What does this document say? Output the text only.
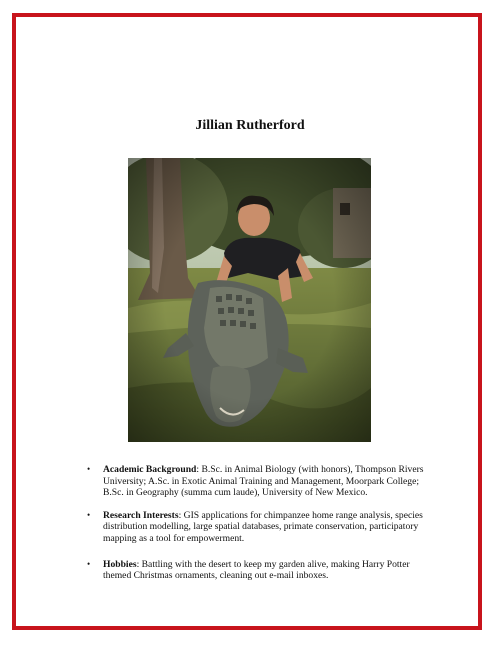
Jillian Rutherford
• Academic Background: B.Sc. in Animal Biology (with honors), Thompson Rivers University; A.Sc. in Exotic Animal Training and Management, Moorpark College; B.Sc. in Geography (summa cum laude), University of New Mexico.
• Research Interests: GIS applications for chimpanzee home range analysis, species distribution modelling, large spatial databases, primate conservation, participatory mapping as a tool for empowerment.
• Hobbies: Battling with the desert to keep my garden alive, making Harry Potter themed Christmas ornaments, cleaning out e-mail inboxes.
